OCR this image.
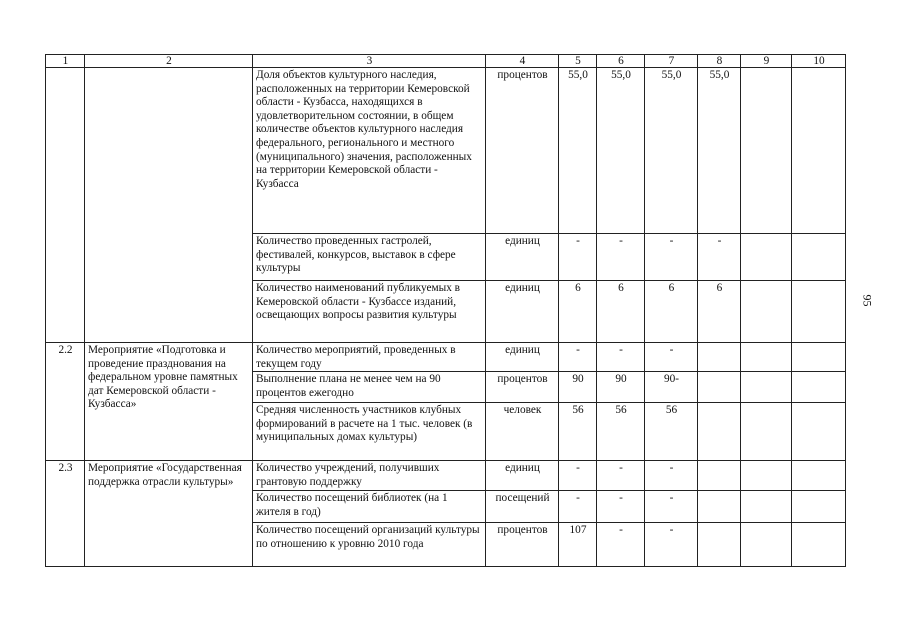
1	2	3	4	5	6	7	8	9	10
		Доля объектов культурного наследия, расположенных на территории Кемеровской области - Кузбасса, находящихся в удовлетворительном состоянии, в общем количестве объектов культурного наследия федерального, регионального и местного (муниципального) значения, расположенных на территории Кемеровской области - Кузбасса	процентов	55,0	55,0	55,0	55,0		
		Количество проведенных гастролей, фестивалей, конкурсов, выставок в сфере культуры	единиц	-	-	-	-		
		Количество наименований публикуемых в Кемеровской области - Кузбассе изданий, освещающих вопросы развития культуры	единиц	6	6	6	6		
2.2	Мероприятие «Подготовка и проведение празднования на федеральном уровне памятных дат Кемеровской области - Кузбасса»	Количество мероприятий, проведенных в текущем году	единиц	-	-	-			
		Выполнение плана не менее чем на 90 процентов ежегодно	процентов	90	90	90-			
		Средняя численность участников клубных формирований в расчете на 1 тыс. человек (в муниципальных домах культуры)	человек	56	56	56			
2.3	Мероприятие «Государственная поддержка отрасли культуры»	Количество учреждений, получивших грантовую поддержку	единиц	-	-	-			
		Количество посещений библиотек (на 1 жителя в год)	посещений	-	-	-			
		Количество посещений организаций культуры по отношению к уровню 2010 года	процентов	107	-	-			
95
